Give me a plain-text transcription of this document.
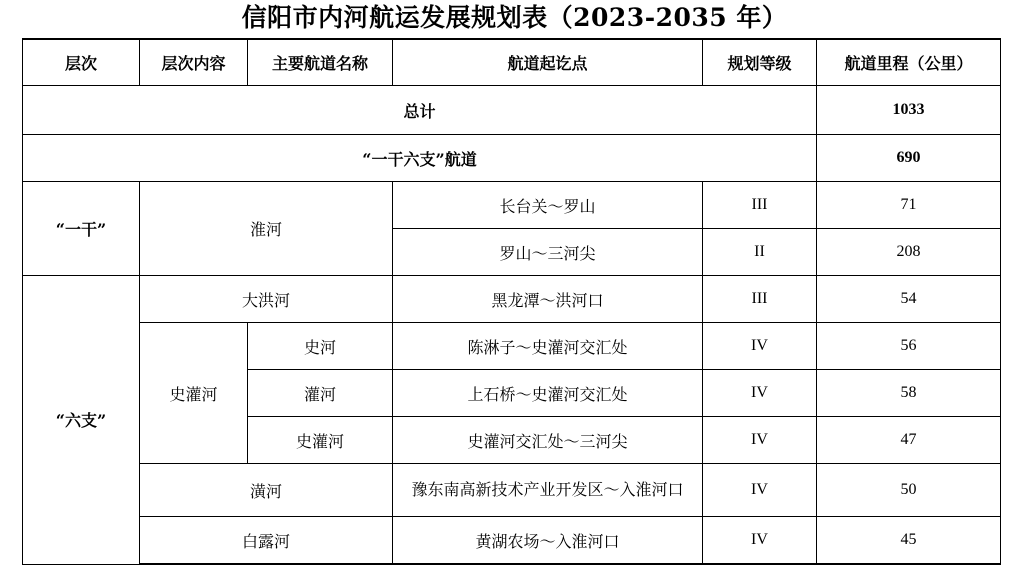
信阳市内河航运发展规划表（2023-2035 年）
层次	层次内容	主要航道名称	航道起讫点	规划等级	航道里程（公里）
总计					1033
“一干六支”航道					690
“一干”	淮河		长台关～罗山	III	71
			罗山～三河尖	II	208
“六支”	大洪河		黑龙潭～洪河口	III	54
	史灌河	史河	陈淋子～史灌河交汇处	IV	56
		灌河	上石桥～史灌河交汇处	IV	58
		史灌河	史灌河交汇处～三河尖	IV	47
	潢河		豫东南高新技术产业开发区～入淮河口	IV	50
	白露河		黄湖农场～入淮河口	IV	45
